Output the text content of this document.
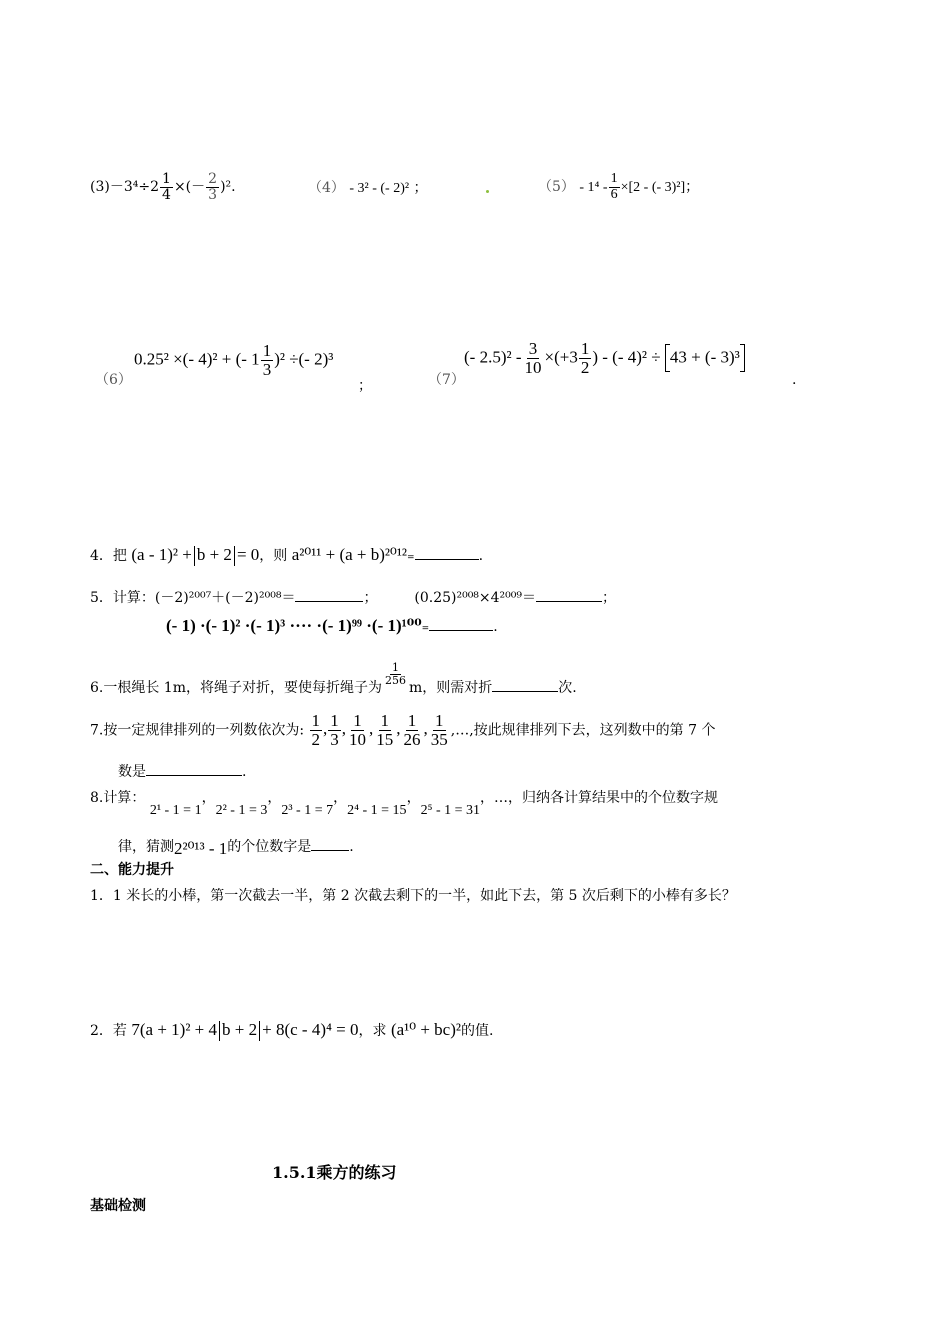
$(3)-3^4\div 2 \frac{1}{4}$ ×(－ $\frac{2}{3} )^2$.	（4） - 3² - (- 2)² ；	$(5) - 1^4 - \frac{1}{6} \times[2$ - (- 3)²]；
（6）
0.25² ×(- 4)² + (- $1 \frac{1}{3} )^2$ ÷(- 2)³
；	（7）
(- $2.5)^2 - \frac{3}{10} \times(+3 \frac{1}{2}$ ) - (- 4)² ÷ 43 + (- 3)³
.
4．把 (a - 1)² + b + 2 = 0，则 a²⁰¹¹ + (a + b)²⁰¹²=	.
5．计算：(－2)²⁰⁰⁷＋(－2)²⁰⁰⁸＝	；	(0.25)²⁰⁰⁸×4²⁰⁰⁹＝	；
(- 1) ·(- 1)² ·(- 1)³ ···· ·(- 1)⁹⁹ ·(- 1)¹⁰⁰=	.
6.一根绳长 1m，将绳子对折，要使每折绳子为
$\frac{1}{256}$
m，则需对折	次.
7.按一定规律排列的一列数依次为: $\frac{1}{2}$ , $\frac{1}{3}$ , $\frac{1}{10}$ , $\frac{1}{15}$ , $\frac{1}{26}$ , $\frac{1}{35}$ ,…,按此规律排列下去，这列数中的第 7 个
数是	.
8.计算： 2¹ - 1 = 1，2² - 1 = 3，2³ - 1 = 7，2⁴ - 1 = 15，2⁵ - 1 = 31，…，归纳各计算结果中的个位数字规
律，猜测2²⁰¹³ - 1的个位数字是	.
二、能力提升
1．1 米长的小棒，第一次截去一半，第 2 次截去剩下的一半，如此下去，第 5 次后剩下的小棒有多长？
2．若 7(a + 1)² + 4 b + 2 + 8(c - 4)⁴ = 0，求 (a¹⁰ + bc)²的值.
1.5.1乘方的练习
基础检测
